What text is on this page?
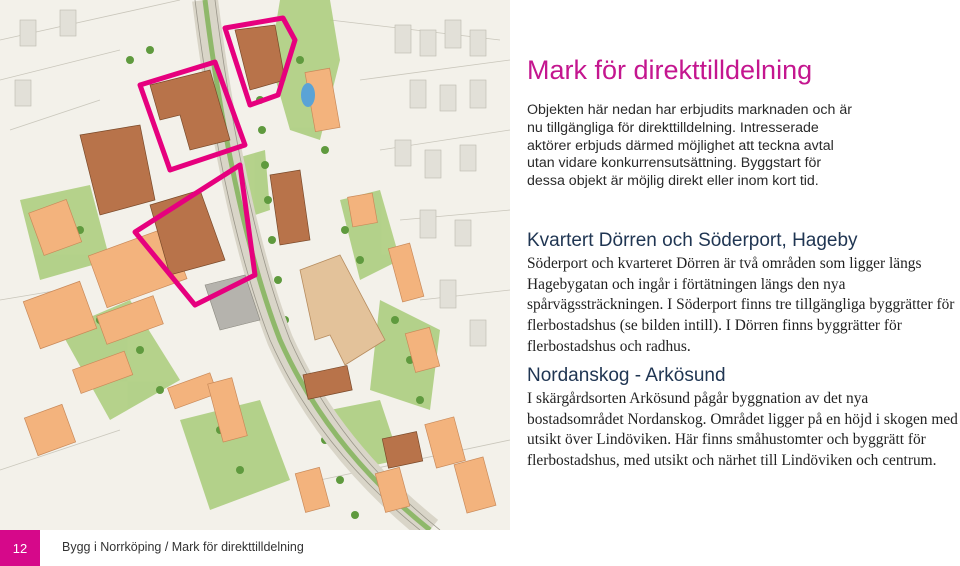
Mark för direkttilldelning
Objekten här nedan har erbjudits marknaden och är nu tillgängliga för direkttilldelning. Intresserade aktörer erbjuds därmed möjlighet att teckna avtal utan vidare konkurrensutsättning. Byggstart för dessa objekt är möjlig direkt eller inom kort tid.
Kvartert Dörren och Söderport, Hageby
Söderport och kvarteret Dörren är två områden som ligger längs Hagebygatan och ingår i förtätningen längs den nya spårvägssträckningen. I Söderport finns tre tillgängliga byggrätter för flerbostadshus (se bilden intill). I Dörren finns byggrätter för flerbostadshus och radhus.
Nordanskog - Arkösund
I skärgårdsorten Arkösund pågår byggnation av det nya bostadsområdet Nordanskog. Området ligger på en höjd i skogen med utsikt över Lindöviken. Här finns småhustomter och byggrätt för flerbostadshus, med utsikt och närhet till Lindöviken och centrum.
12	Bygg i Norrköping / Mark för direkttilldelning
